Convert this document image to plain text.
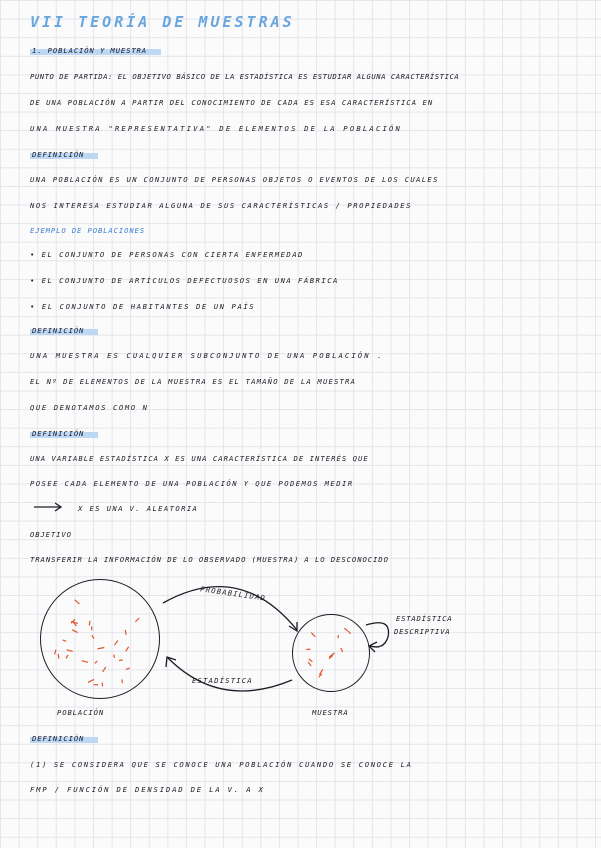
VII TEORÍA DE MUESTRAS
1. POBLACIÓN Y MUESTRA
PUNTO DE PARTIDA: EL OBJETIVO BÁSICO DE LA ESTADÍSTICA ES ESTUDIAR ALGUNA CARACTERÍSTICA
DE UNA POBLACIÓN A PARTIR DEL CONOCIMIENTO DE CADA ES ESA CARACTERÍSTICA EN
UNA MUESTRA "REPRESENTATIVA" DE ELEMENTOS DE LA POBLACIÓN
DEFINICIÓN
UNA POBLACIÓN ES UN CONJUNTO DE PERSONAS OBJETOS O EVENTOS DE LOS CUALES
NOS INTERESA ESTUDIAR ALGUNA DE SUS CARACTERÍSTICAS / PROPIEDADES
EJEMPLO DE POBLACIONES
• EL CONJUNTO DE PERSONAS CON CIERTA ENFERMEDAD
• EL CONJUNTO DE ARTÍCULOS DEFECTUOSOS EN UNA FÁBRICA
• EL CONJUNTO DE HABITANTES DE UN PAÍS
DEFINICIÓN
UNA MUESTRA ES CUALQUIER SUBCONJUNTO DE UNA POBLACIÓN .
EL Nº DE ELEMENTOS DE LA MUESTRA ES EL TAMAÑO DE LA MUESTRA
QUE DENOTAMOS COMO N
DEFINICIÓN
UNA VARIABLE ESTADÍSTICA X ES UNA CARACTERÍSTICA DE INTERÉS QUE
POSEE CADA ELEMENTO DE UNA POBLACIÓN Y QUE PODEMOS MEDIR
X ES UNA V. ALEATORIA
OBJETIVO
TRANSFERIR LA INFORMACIÓN DE LO OBSERVADO (MUESTRA) A LO DESCONOCIDO
PROBABILIDAD
ESTADÍSTICA
ESTADÍSTICA
DESCRIPTIVA
POBLACIÓN	MUESTRA
DEFINICIÓN
(1) SE CONSIDERA QUE SE CONOCE UNA POBLACIÓN CUANDO SE CONOCE LA
FMP / FUNCIÓN DE DENSIDAD DE LA V. A X
